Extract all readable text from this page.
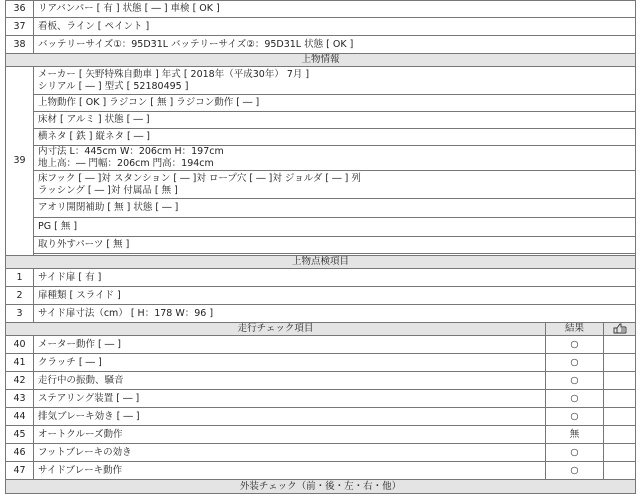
36	リアバンパー [ 有 ] 状態 [ ― ] 車検 [ OK ]		
37	看板、ライン [ ペイント ]		
38	バッテリーサイズ①：95D31L バッテリーサイズ②：95D31L 状態 [ OK ]		
上物情報			
39	メーカー [ 矢野特殊自動車 ] 年式 [ 2018年（平成30年） 7月 ]
シリアル [ ― ] 型式 [ 52180495 ]		

	上物動作 [ OK ] ラジコン [ 無 ] ラジコン動作 [ ― ]		
	床材 [ アルミ ] 状態 [ ― ]		
	横ネタ [ 鉄 ] 縦ネタ [ ― ]		

	内寸法 L：445cm W：206cm H：197cm
地上高：― 門幅：206cm 門高：194cm		

	床フック [ ― ]対 スタンション [ ― ]対 ロープ穴 [ ― ]対 ジョルダ [ ― ] 列
ラッシング [ ― ]対 付属品 [ 無 ]		

	アオリ開閉補助 [ 無 ] 状態 [ ― ]		
	PG [ 無 ]		
	取り外すパーツ [ 無 ]		

上物点検項目			
1	サイド扉 [ 有 ]		
2	扉種類 [ スライド ]		
3	サイド扉寸法（cm） [ H：178 W：96 ]		
走行チェック項目		結果	
40	メーター動作 [ ― ]	○	
41	クラッチ [ ― ]	○	
42	走行中の振動、騒音	○	
43	ステアリング装置 [ ― ]	○	
44	排気ブレーキ効き [ ― ]	○	
45	オートクルーズ動作	無	
46	フットブレーキの効き	○	
47	サイドブレーキ動作	○	
外装チェック（前・後・左・右・他）			
